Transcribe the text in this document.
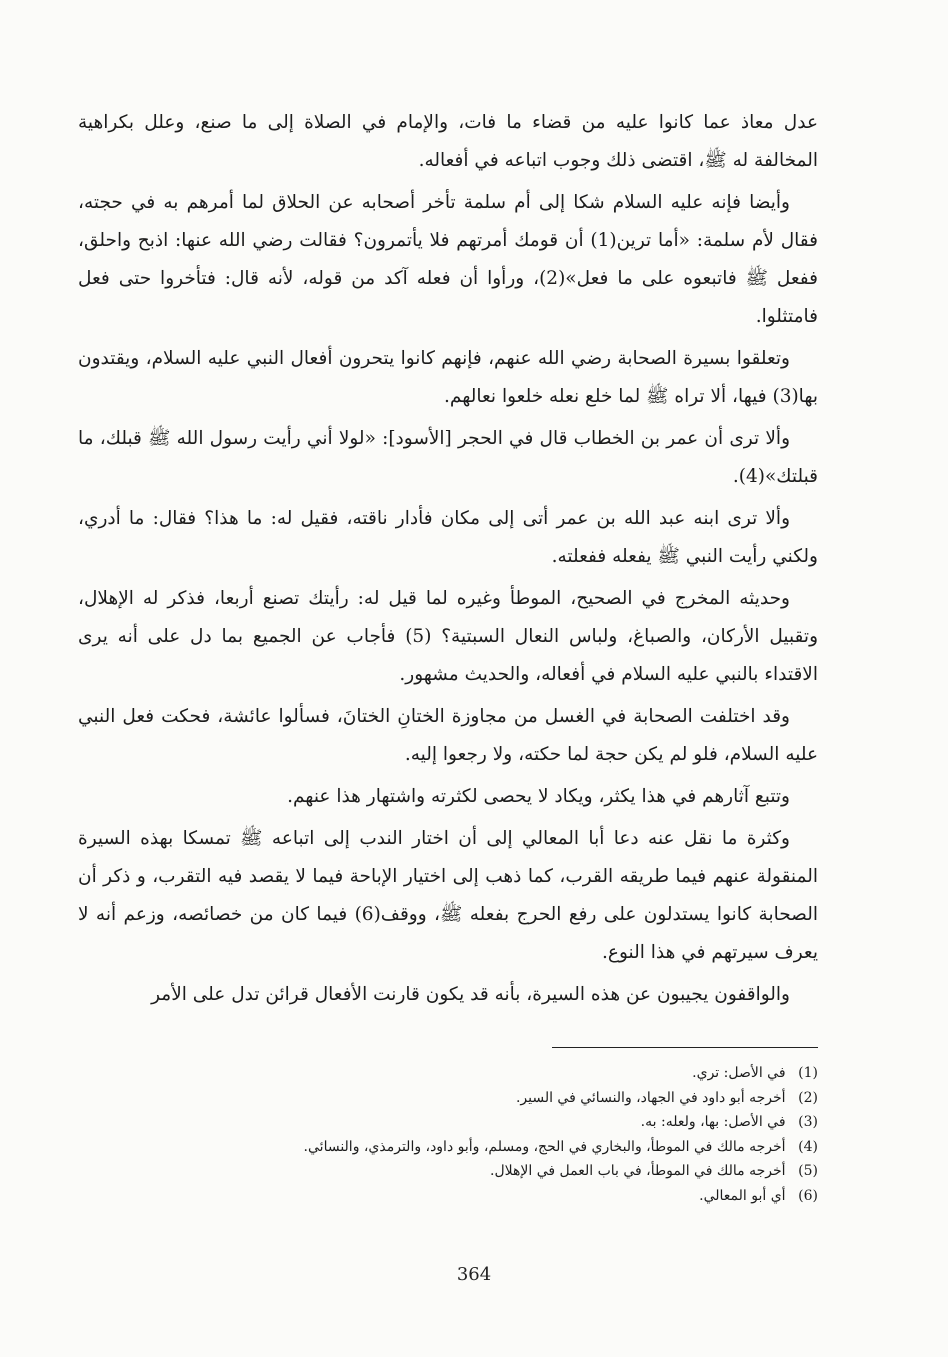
عدل معاذ عما كانوا عليه من قضاء ما فات، والإمام في الصلاة إلى ما صنع، وعلل بكراهية المخالفة له ﷺ، اقتضى ذلك وجوب اتباعه في أفعاله.

وأيضا فإنه عليه السلام شكا إلى أم سلمة تأخر أصحابه عن الحلاق لما أمرهم به في حجته، فقال لأم سلمة: «أما ترين(1) أن قومك أمرتهم فلا يأتمرون؟ فقالت رضي الله عنها: اذبح واحلق، ففعل ﷺ فاتبعوه على ما فعل»(2)، ورأوا أن فعله آكد من قوله، لأنه قال: فتأخروا حتى فعل فامتثلوا.

وتعلقوا بسيرة الصحابة رضي الله عنهم، فإنهم كانوا يتحرون أفعال النبي عليه السلام، ويقتدون بها(3) فيها، ألا تراه ﷺ لما خلع نعله خلعوا نعالهم.

وألا ترى أن عمر بن الخطاب قال في الحجر [الأسود]: «لولا أني رأيت رسول الله ﷺ قبلك، ما قبلتك»(4).

وألا ترى ابنه عبد الله بن عمر أتى إلى مكان فأدار ناقته، فقيل له: ما هذا؟ فقال: ما أدري، ولكني رأيت النبي ﷺ يفعله ففعلته.

وحديثه المخرج في الصحيح، الموطأ وغيره لما قيل له: رأيتك تصنع أربعا، فذكر له الإهلال، وتقبيل الأركان، والصباغ، ولباس النعال السبتية؟ (5) فأجاب عن الجميع بما دل على أنه يرى الاقتداء بالنبي عليه السلام في أفعاله، والحديث مشهور.

وقد اختلفت الصحابة في الغسل من مجاوزة الختانِ الختانَ، فسألوا عائشة، فحكت فعل النبي عليه السلام، فلو لم يكن حجة لما حكته، ولا رجعوا إليه.

وتتبع آثارهم في هذا يكثر، ويكاد لا يحصى لكثرته واشتهار هذا عنهم.

وكثرة ما نقل عنه دعا أبا المعالي إلى أن اختار الندب إلى اتباعه ﷺ تمسكا بهذه السيرة المنقولة عنهم فيما طريقه القرب، كما ذهب إلى اختيار الإباحة فيما لا يقصد فيه التقرب، و ذكر أن الصحابة كانوا يستدلون على رفع الحرج بفعله ﷺ، ووقف(6) فيما كان من خصائصه، وزعم أنه لا يعرف سيرتهم في هذا النوع.

والواقفون يجيبون عن هذه السيرة، بأنه قد يكون قارنت الأفعال قرائن تدل على الأمر

(1) في الأصل: تري.
(2) أخرجه أبو داود في الجهاد، والنسائي في السير.
(3) في الأصل: بها، ولعله: به.
(4) أخرجه مالك في الموطأ، والبخاري في الحج، ومسلم، وأبو داود، والترمذي، والنسائي.
(5) أخرجه مالك في الموطأ، في باب العمل في الإهلال.
(6) أي أبو المعالي.
364
